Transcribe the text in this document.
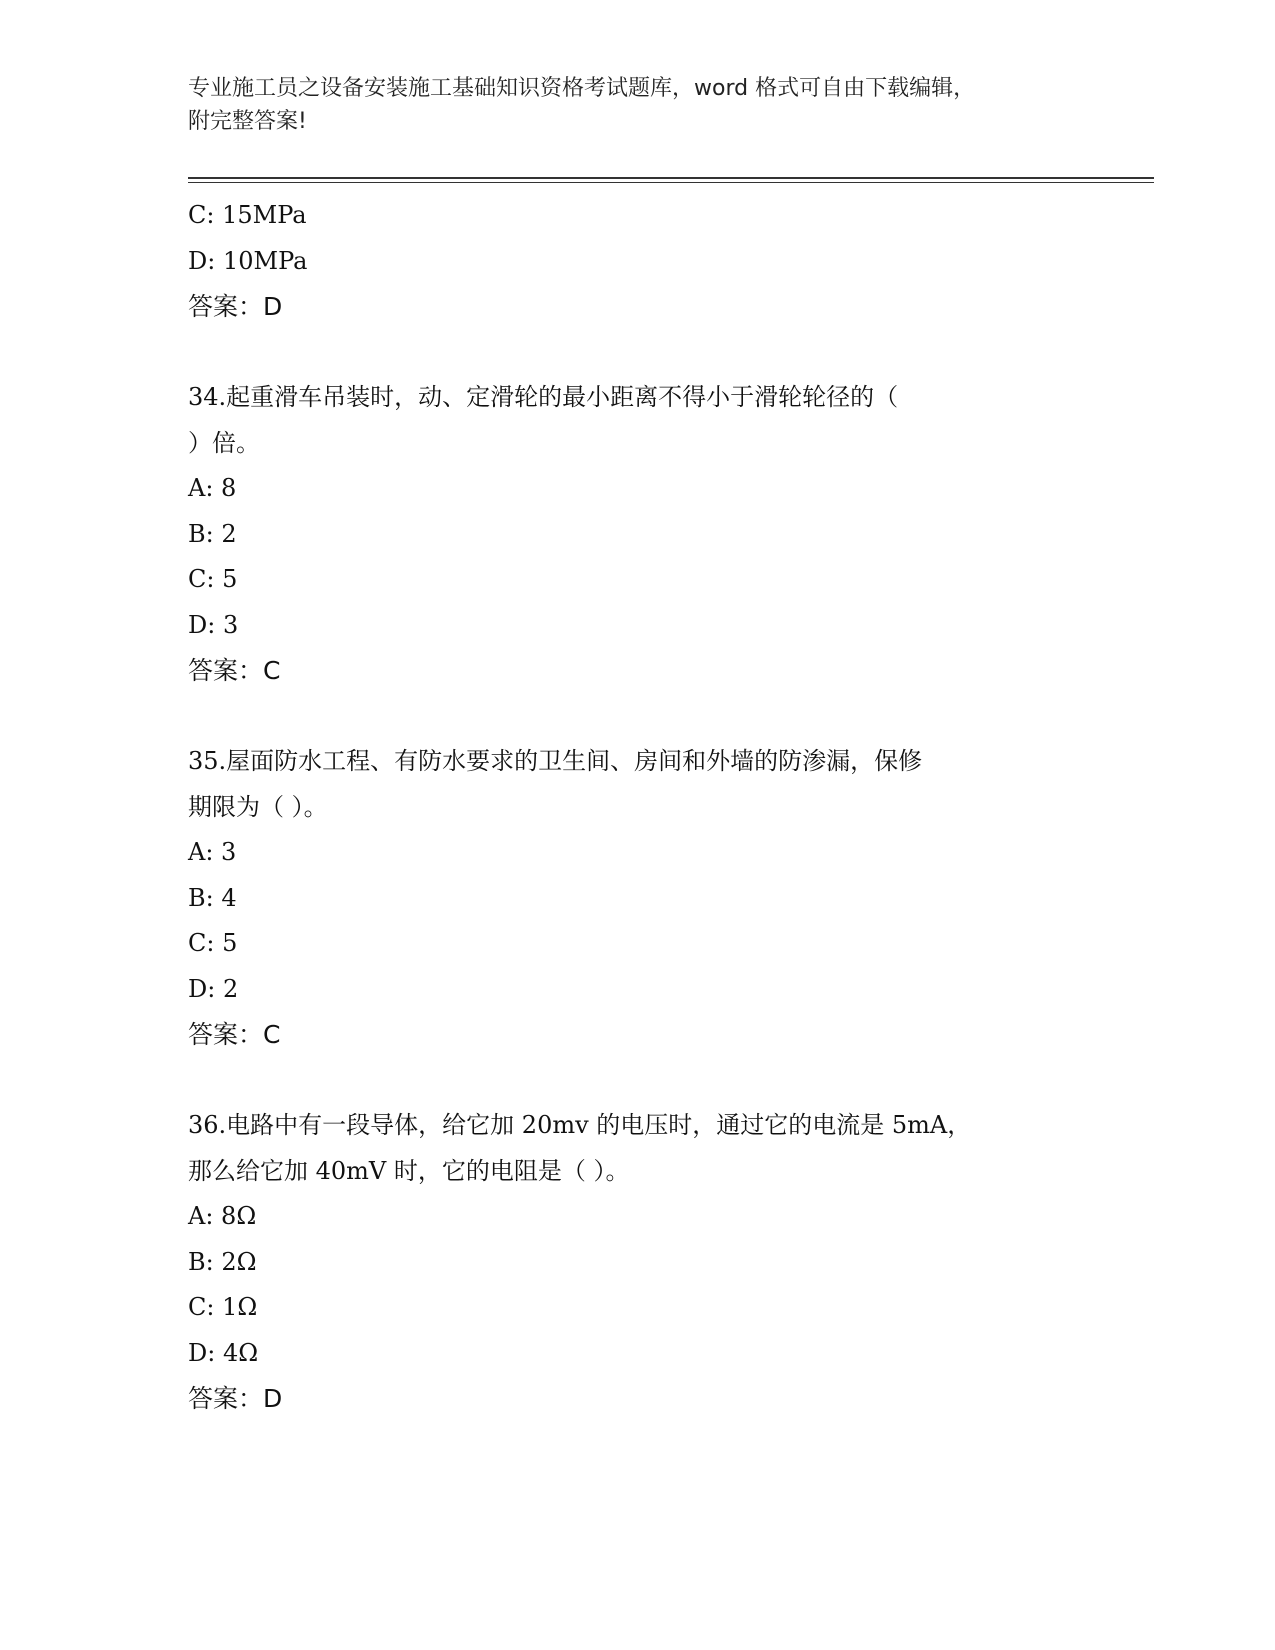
专业施工员之设备安装施工基础知识资格考试题库，word 格式可自由下载编辑，
附完整答案!
C: 15MPa
D: 10MPa
答案：D
34.起重滑车吊装时，动、定滑轮的最小距离不得小于滑轮轮径的（
）倍。
A: 8
B: 2
C: 5
D: 3
答案：C
35.屋面防水工程、有防水要求的卫生间、房间和外墙的防渗漏，保修
期限为（ ）。
A: 3
B: 4
C: 5
D: 2
答案：C
36.电路中有一段导体，给它加 20mv 的电压时，通过它的电流是 5mA，
那么给它加 40mV 时，它的电阻是（ ）。
A: 8Ω
B: 2Ω
C: 1Ω
D: 4Ω
答案：D
